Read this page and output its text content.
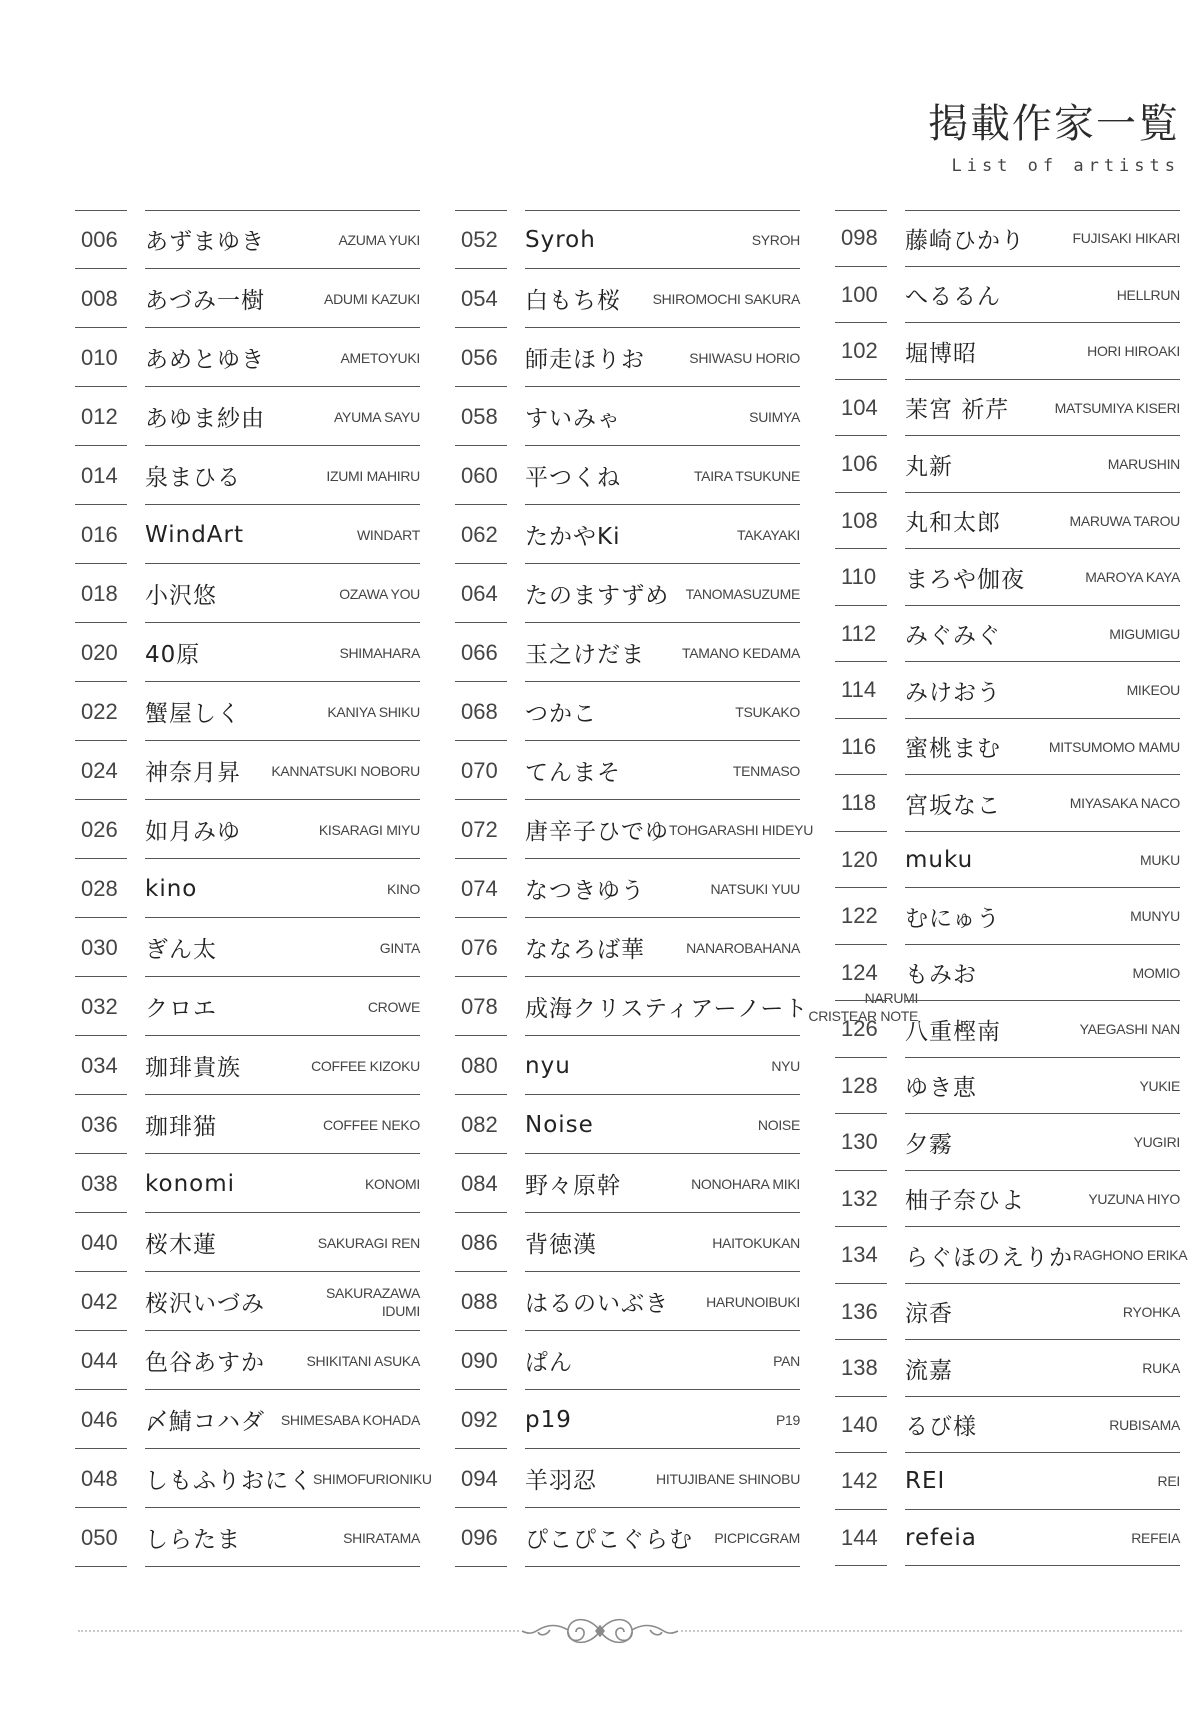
掲載作家一覧
List of artists
006	あずまゆき	AZUMA YUKI
008	あづみ一樹	ADUMI KAZUKI
010	あめとゆき	AMETOYUKI
012	あゆま紗由	AYUMA SAYU
014	泉まひる	IZUMI MAHIRU
016	WindArt	WINDART
018	小沢悠	OZAWA YOU
020	40原	SHIMAHARA
022	蟹屋しく	KANIYA SHIKU
024	神奈月昇	KANNATSUKI NOBORU
026	如月みゆ	KISARAGI MIYU
028	kino	KINO
030	ぎん太	GINTA
032	クロエ	CROWE
034	珈琲貴族	COFFEE KIZOKU
036	珈琲猫	COFFEE NEKO
038	konomi	KONOMI
040	桜木蓮	SAKURAGI REN
042	桜沢いづみ	SAKURAZAWA
IDUMI
044	色谷あすか	SHIKITANI ASUKA
046	〆鯖コハダ	SHIMESABA KOHADA
048	しもふりおにく SHIMOFURIONIKU
050	しらたま	SHIRATAMA
052	Syroh	SYROH
054	白もち桜	SHIROMOCHI SAKURA
056	師走ほりお	SHIWASU HORIO
058	すいみゃ	SUIMYA
060	平つくね	TAIRA TSUKUNE
062	たかやKi	TAKAYAKI
064	たのますずめ	TANOMASUZUME
066	玉之けだま	TAMANO KEDAMA
068	つかこ	TSUKAKO
070	てんまそ	TENMASO
072	唐辛子ひでゆ TOHGARASHI HIDEYU
074	なつきゆう	NATSUKI YUU
076	ななろば華	NANAROBAHANA
078	成海クリスティアーノート	NARUMI
CRISTEAR NOTE
080	nyu	NYU
082	Noise	NOISE
084	野々原幹	NONOHARA MIKI
086	背徳漢	HAITOKUKAN
088	はるのいぶき	HARUNOIBUKI
090	ぱん	PAN
092	p19	P19
094	羊羽忍	HITUJIBANE SHINOBU
096	ぴこぴこぐらむ	PICPICGRAM
098	藤崎ひかり	FUJISAKI HIKARI
100	へるるん	HELLRUN
102	堀博昭	HORI HIROAKI
104	茉宮 祈芹	MATSUMIYA KISERI
106	丸新	MARUSHIN
108	丸和太郎	MARUWA TAROU
110	まろや伽夜	MAROYA KAYA
112	みぐみぐ	MIGUMIGU
114	みけおう	MIKEOU
116	蜜桃まむ	MITSUMOMO MAMU
118	宮坂なこ	MIYASAKA NACO
120	muku	MUKU
122	むにゅう	MUNYU
124	もみお	MOMIO
126	八重樫南	YAEGASHI NAN
128	ゆき恵	YUKIE
130	夕霧	YUGIRI
132	柚子奈ひよ	YUZUNA HIYO
134	らぐほのえりか RAGHONO ERIKA
136	涼香	RYOHKA
138	流嘉	RUKA
140	るび様	RUBISAMA
142	REI	REI
144	refeia	REFEIA
